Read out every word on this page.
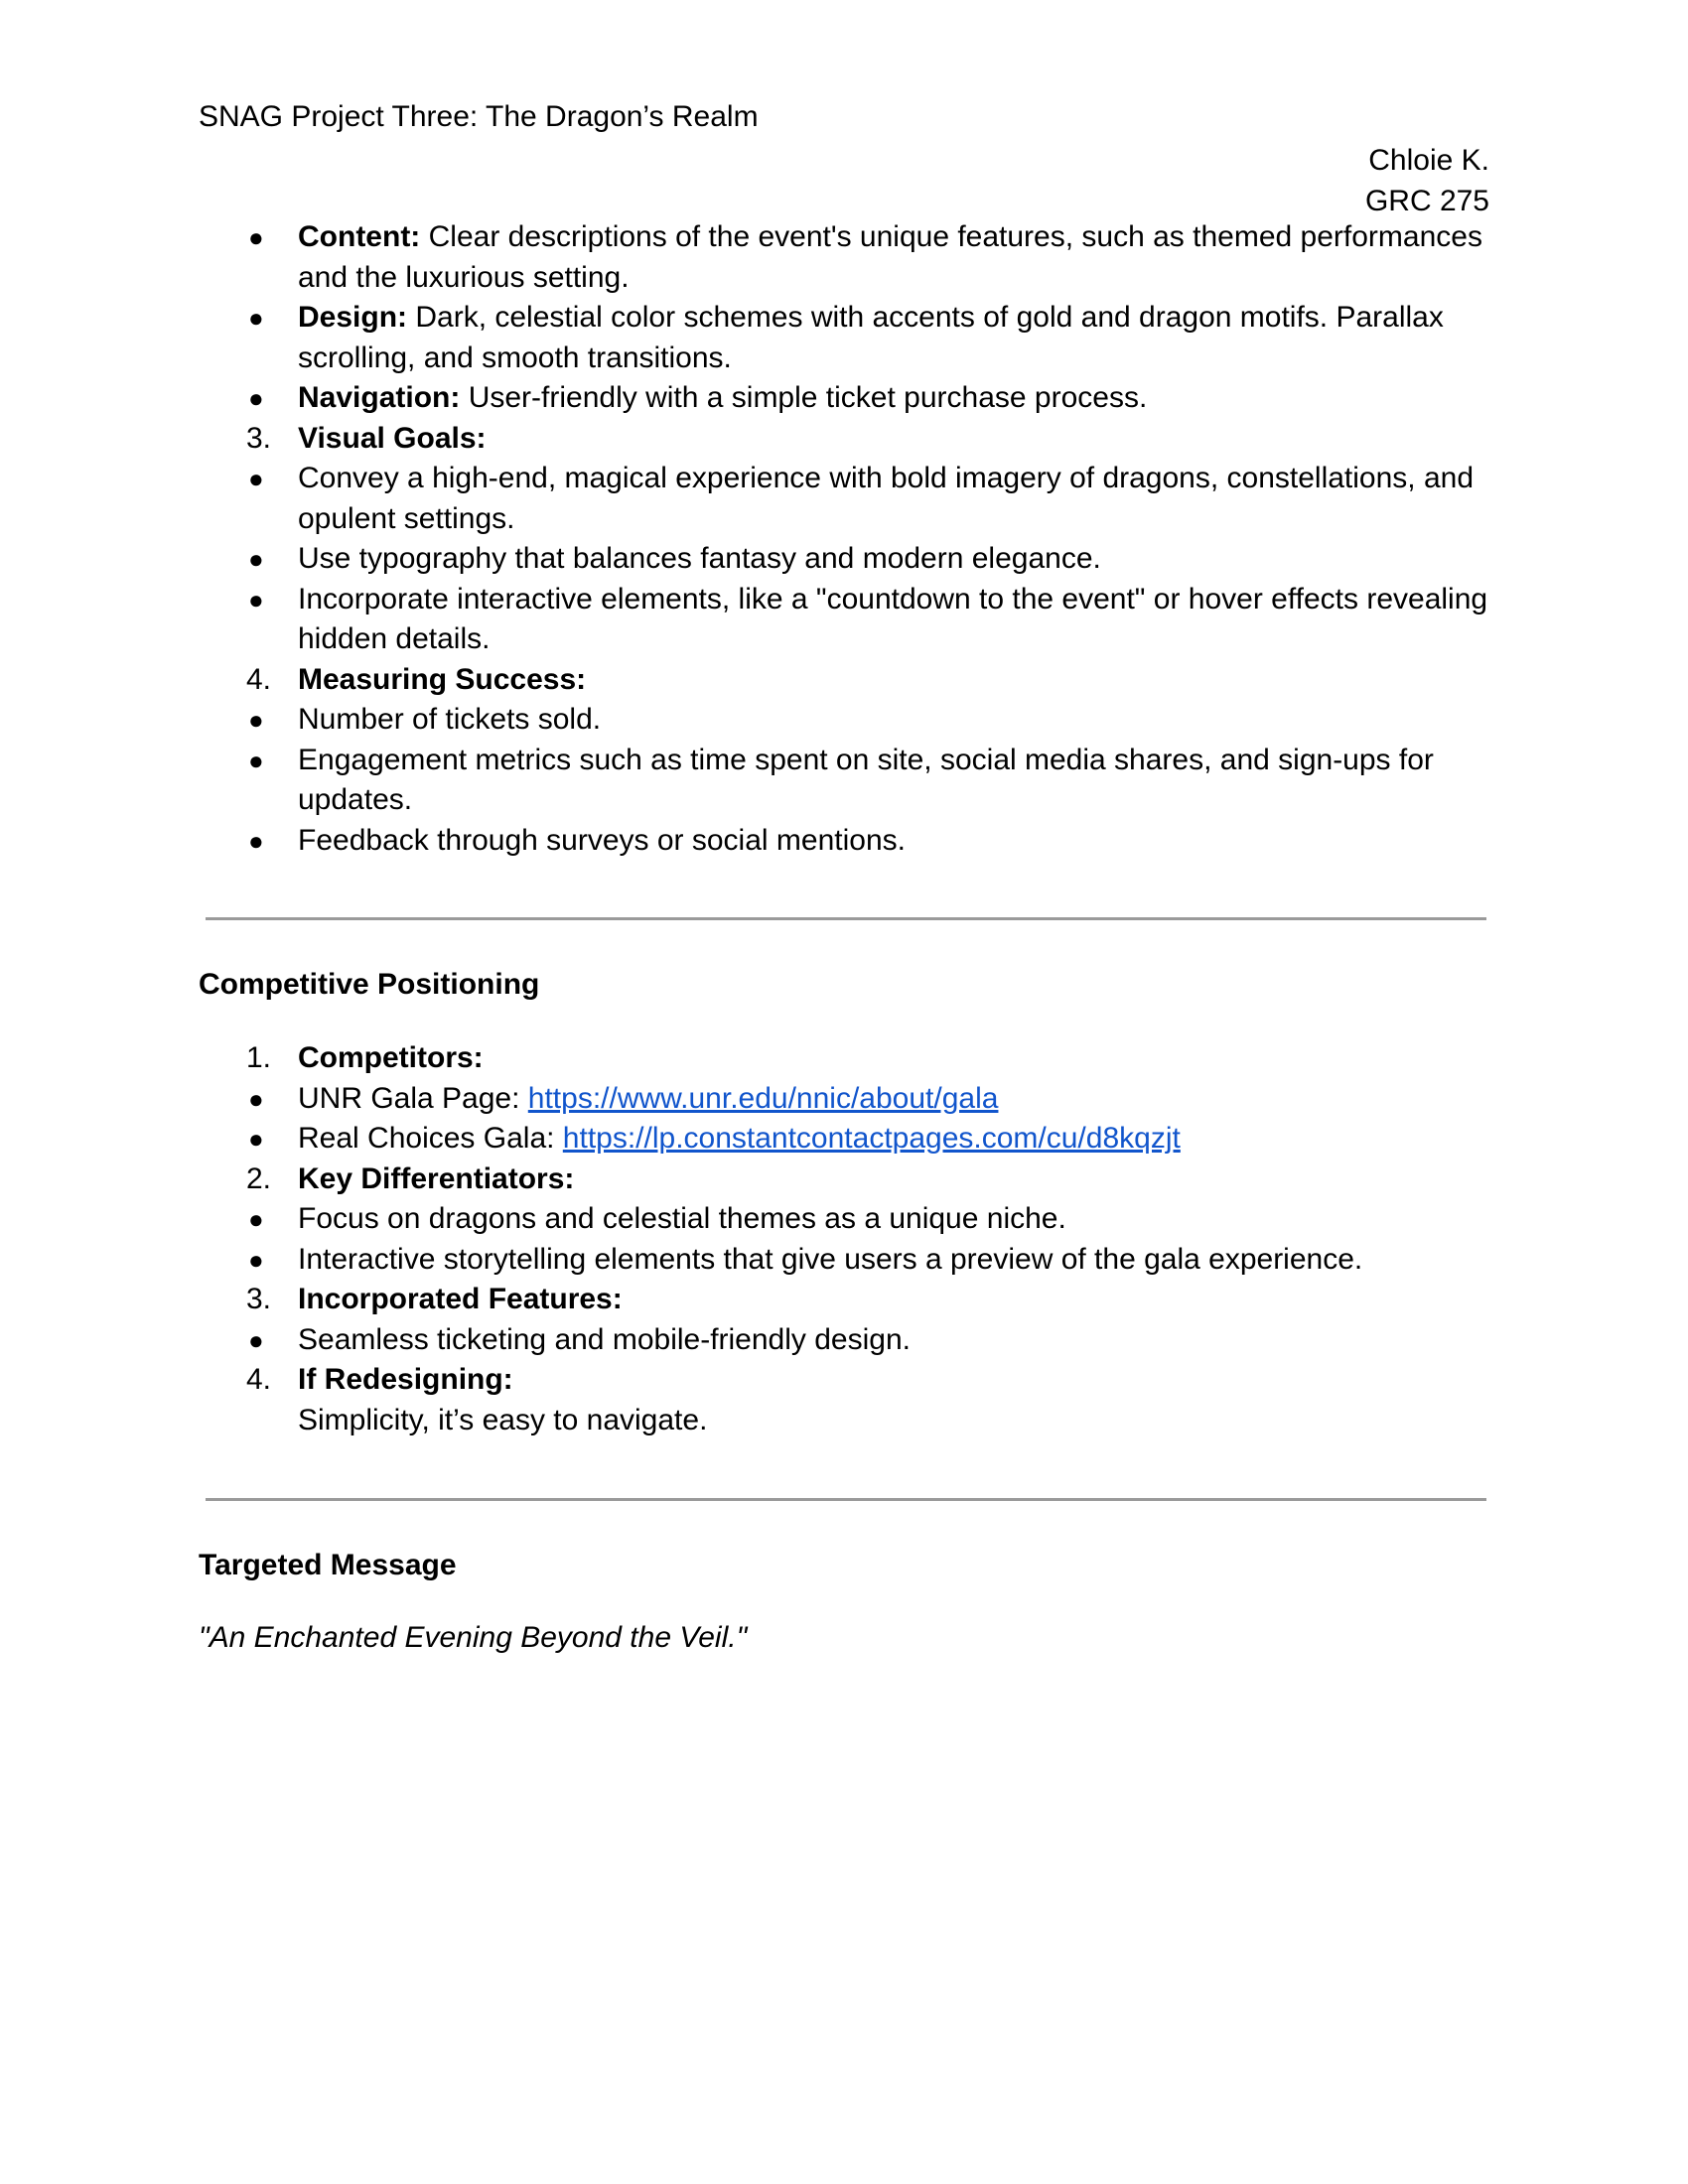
SNAG Project Three: The Dragon’s Realm
Chloie K.
GRC 275
● Content: Clear descriptions of the event's unique features, such as themed performances and the luxurious setting.
● Design: Dark, celestial color schemes with accents of gold and dragon motifs. Parallax scrolling, and smooth transitions.
● Navigation: User-friendly with a simple ticket purchase process.
3. Visual Goals:
● Convey a high-end, magical experience with bold imagery of dragons, constellations, and opulent settings.
● Use typography that balances fantasy and modern elegance.
● Incorporate interactive elements, like a "countdown to the event" or hover effects revealing hidden details.
4. Measuring Success:
● Number of tickets sold.
● Engagement metrics such as time spent on site, social media shares, and sign-ups for updates.
● Feedback through surveys or social mentions.
Competitive Positioning
1. Competitors:
● UNR Gala Page: https://www.unr.edu/nnic/about/gala
● Real Choices Gala: https://lp.constantcontactpages.com/cu/d8kqzjt
2. Key Differentiators:
● Focus on dragons and celestial themes as a unique niche.
● Interactive storytelling elements that give users a preview of the gala experience.
3. Incorporated Features:
● Seamless ticketing and mobile-friendly design.
4. If Redesigning:
Simplicity, it’s easy to navigate.
Targeted Message
"An Enchanted Evening Beyond the Veil."
